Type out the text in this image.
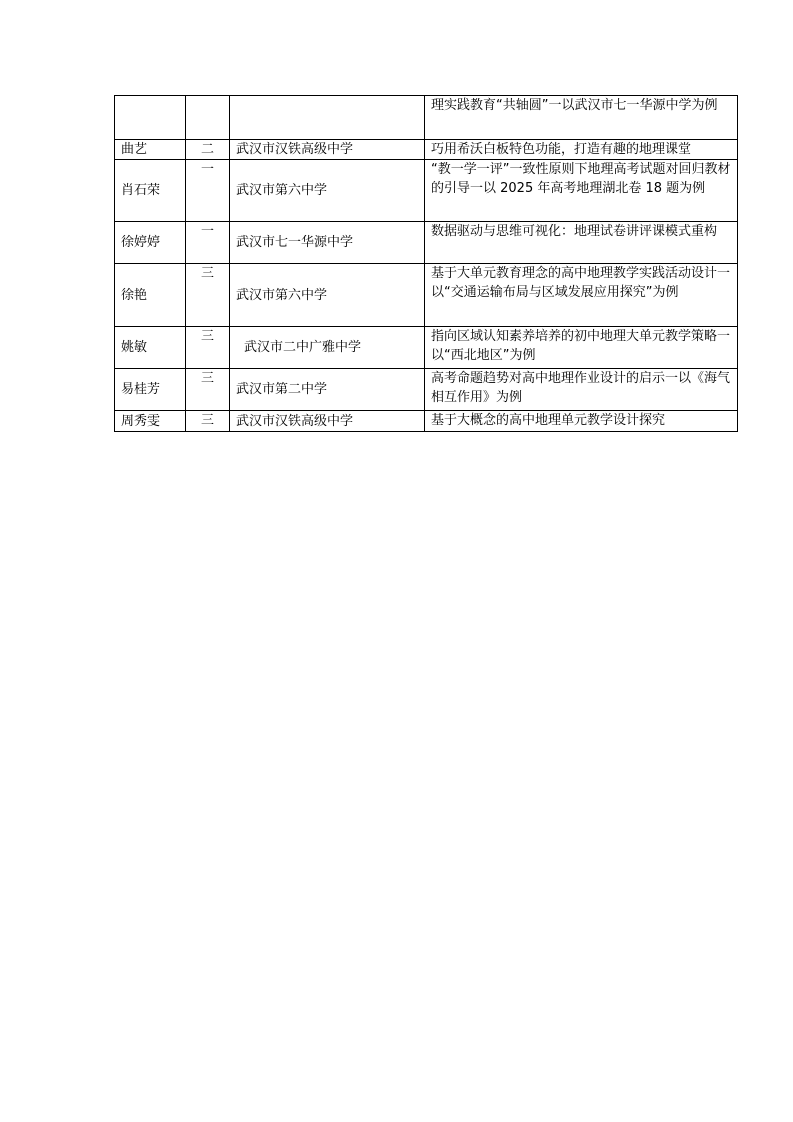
			理实践教育“共轴圆”一以武汉市七一华源中学为例
曲艺	二	武汉市汉铁高级中学	巧用希沃白板特色功能，打造有趣的地理课堂
肖石荣	一	武汉市第六中学	“教一学一评”一致性原则下地理高考试题对回归教材的引导一以 2025 年高考地理湖北卷 18 题为例
徐婷婷	一	武汉市七一华源中学	数据驱动与思维可视化：地理试卷讲评课模式重构
徐艳	三	武汉市第六中学	基于大单元教育理念的高中地理教学实践活动设计一以“交通运输布局与区域发展应用探究”为例
姚敏	三	武汉市二中广雅中学	指向区域认知素养培养的初中地理大单元教学策略一以“西北地区”为例
易桂芳	三	武汉市第二中学	高考命题趋势对高中地理作业设计的启示一以《海气相互作用》为例
周秀雯	三	武汉市汉铁高级中学	基于大概念的高中地理单元教学设计探究
